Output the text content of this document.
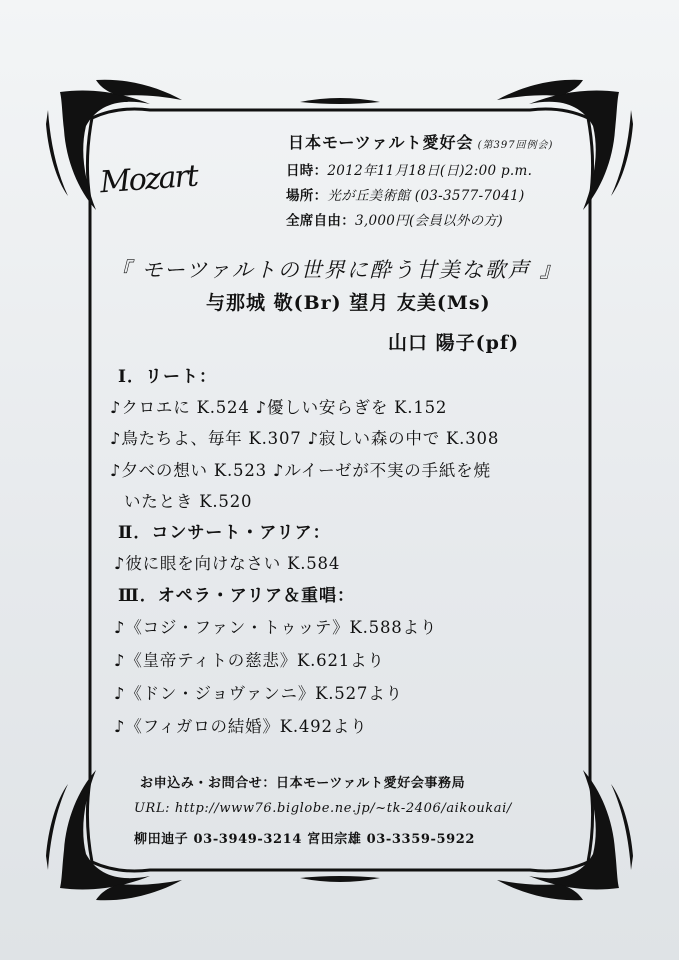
Mozart
日本モーツァルト愛好会 (第397回例会)
日時：2012年11月18日(日)2:00 p.m.
場所：光が丘美術館 (03-3577-7041)
全席自由：3,000円(会員以外の方)
『 モーツァルトの世界に酔う甘美な歌声 』
与那城 敬(Br) 望月 友美(Ms)
山口 陽子(pf)
Ⅰ．リート：
♪クロエに K.524 ♪優しい安らぎを K.152
♪鳥たちよ、毎年 K.307 ♪寂しい森の中で K.308
♪夕べの想い K.523 ♪ルイーゼが不実の手紙を焼
いたとき K.520
Ⅱ．コンサート・アリア：
♪彼に眼を向けなさい K.584
Ⅲ．オペラ・アリア＆重唱：
♪《コジ・ファン・トゥッテ》K.588より
♪《皇帝ティトの慈悲》K.621より
♪《ドン・ジョヴァンニ》K.527より
♪《フィガロの結婚》K.492より
お申込み・お問合せ：日本モーツァルト愛好会事務局
URL: http://www76.biglobe.ne.jp/~tk-2406/aikoukai/
柳田迪子 03-3949-3214 宮田宗雄 03-3359-5922
